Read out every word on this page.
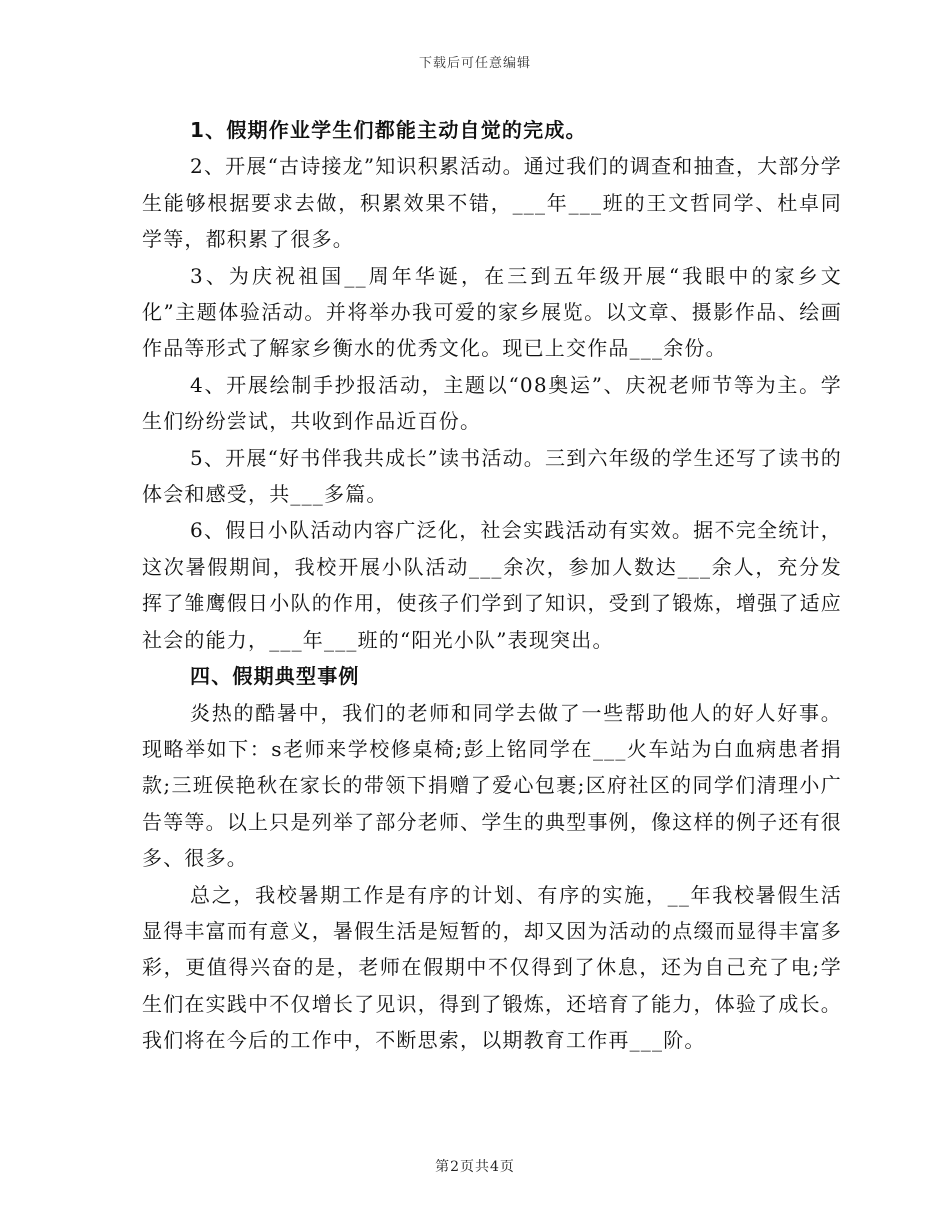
下载后可任意编辑

1、假期作业学生们都能主动自觉的完成。

2、开展“古诗接龙”知识积累活动。通过我们的调查和抽查，大部分学生能够根据要求去做，积累效果不错，___年___班的王文哲同学、杜卓同学等，都积累了很多。

3、为庆祝祖国__周年华诞，在三到五年级开展“我眼中的家乡文化”主题体验活动。并将举办我可爱的家乡展览。以文章、摄影作品、绘画作品等形式了解家乡衡水的优秀文化。现已上交作品___余份。

4、开展绘制手抄报活动，主题以“08奥运”、庆祝老师节等为主。学生们纷纷尝试，共收到作品近百份。

5、开展“好书伴我共成长”读书活动。三到六年级的学生还写了读书的体会和感受，共___多篇。

6、假日小队活动内容广泛化，社会实践活动有实效。据不完全统计，这次暑假期间，我校开展小队活动___余次，参加人数达___余人，充分发挥了雏鹰假日小队的作用，使孩子们学到了知识，受到了锻炼，增强了适应社会的能力，___年___班的“阳光小队”表现突出。

四、假期典型事例

炎热的酷暑中，我们的老师和同学去做了一些帮助他人的好人好事。现略举如下：s老师来学校修桌椅;彭上铭同学在___火车站为白血病患者捐款;三班侯艳秋在家长的带领下捐赠了爱心包裹;区府社区的同学们清理小广告等等。以上只是列举了部分老师、学生的典型事例，像这样的例子还有很多、很多。

总之，我校暑期工作是有序的计划、有序的实施，__年我校暑假生活显得丰富而有意义，暑假生活是短暂的，却又因为活动的点缀而显得丰富多彩，更值得兴奋的是，老师在假期中不仅得到了休息，还为自己充了电;学生们在实践中不仅增长了见识，得到了锻炼，还培育了能力，体验了成长。我们将在今后的工作中，不断思索，以期教育工作再___阶。

第2页共4页
